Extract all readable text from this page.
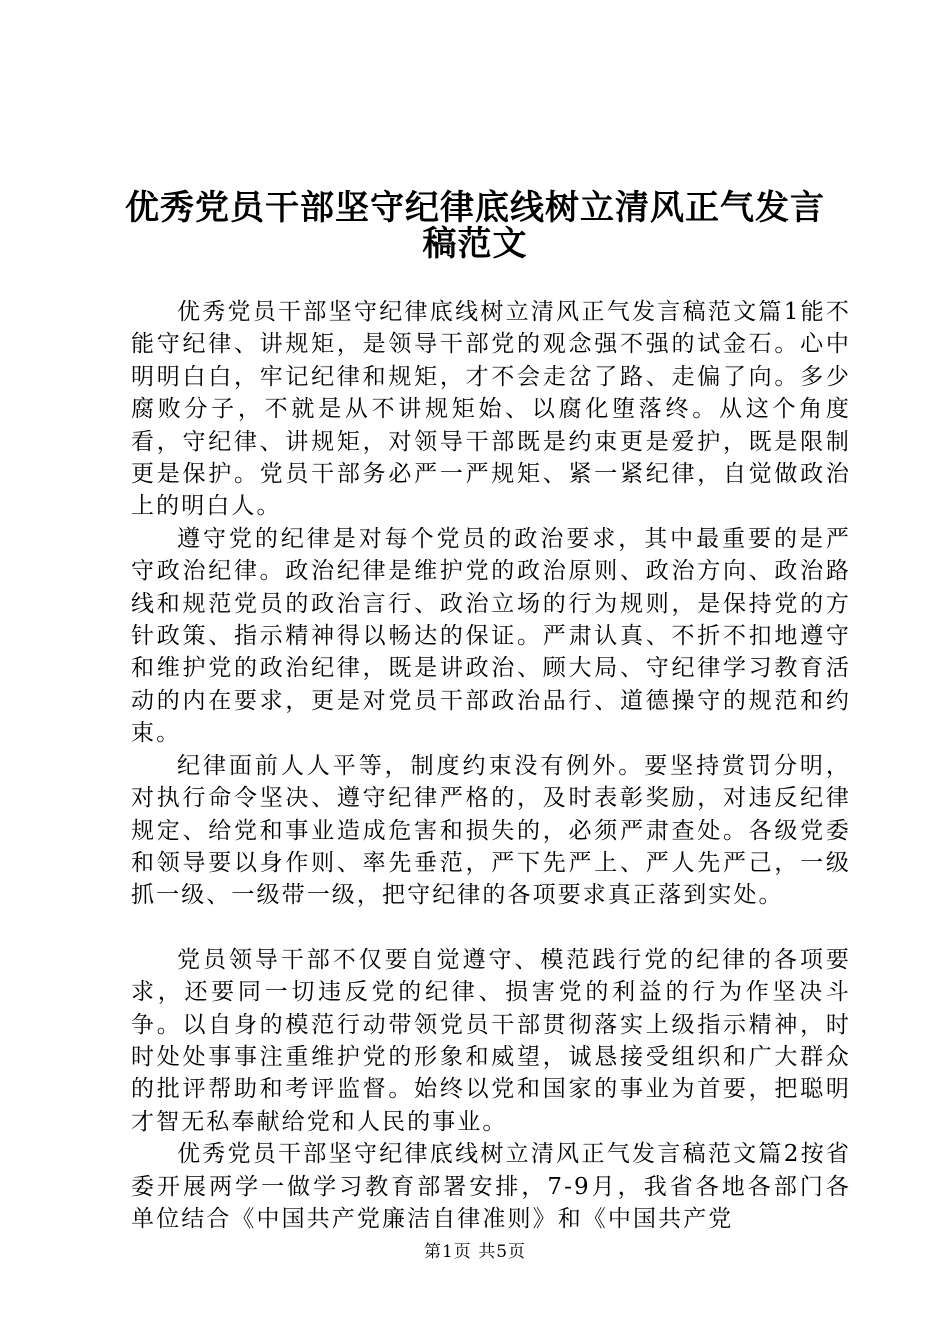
优秀党员干部坚守纪律底线树立清风正气发言
稿范文

优秀党员干部坚守纪律底线树立清风正气发言稿范文篇1能不能守纪律、讲规矩，是领导干部党的观念强不强的试金石。心中明明白白，牢记纪律和规矩，才不会走岔了路、走偏了向。多少腐败分子，不就是从不讲规矩始、以腐化堕落终。从这个角度看，守纪律、讲规矩，对领导干部既是约束更是爱护，既是限制更是保护。党员干部务必严一严规矩、紧一紧纪律，自觉做政治上的明白人。

遵守党的纪律是对每个党员的政治要求，其中最重要的是严守政治纪律。政治纪律是维护党的政治原则、政治方向、政治路线和规范党员的政治言行、政治立场的行为规则，是保持党的方针政策、指示精神得以畅达的保证。严肃认真、不折不扣地遵守和维护党的政治纪律，既是讲政治、顾大局、守纪律学习教育活动的内在要求，更是对党员干部政治品行、道德操守的规范和约束。

纪律面前人人平等，制度约束没有例外。要坚持赏罚分明，对执行命令坚决、遵守纪律严格的，及时表彰奖励，对违反纪律规定、给党和事业造成危害和损失的，必须严肃查处。各级党委和领导要以身作则、率先垂范，严下先严上、严人先严己，一级抓一级、一级带一级，把守纪律的各项要求真正落到实处。

党员领导干部不仅要自觉遵守、模范践行党的纪律的各项要求，还要同一切违反党的纪律、损害党的利益的行为作坚决斗争。以自身的模范行动带领党员干部贯彻落实上级指示精神，时时处处事事注重维护党的形象和威望，诚恳接受组织和广大群众的批评帮助和考评监督。始终以党和国家的事业为首要，把聪明才智无私奉献给党和人民的事业。

优秀党员干部坚守纪律底线树立清风正气发言稿范文篇2按省委开展两学一做学习教育部署安排，7-9月，我省各地各部门各单位结合《中国共产党廉洁自律准则》和《中国共产党

第1页 共5页
